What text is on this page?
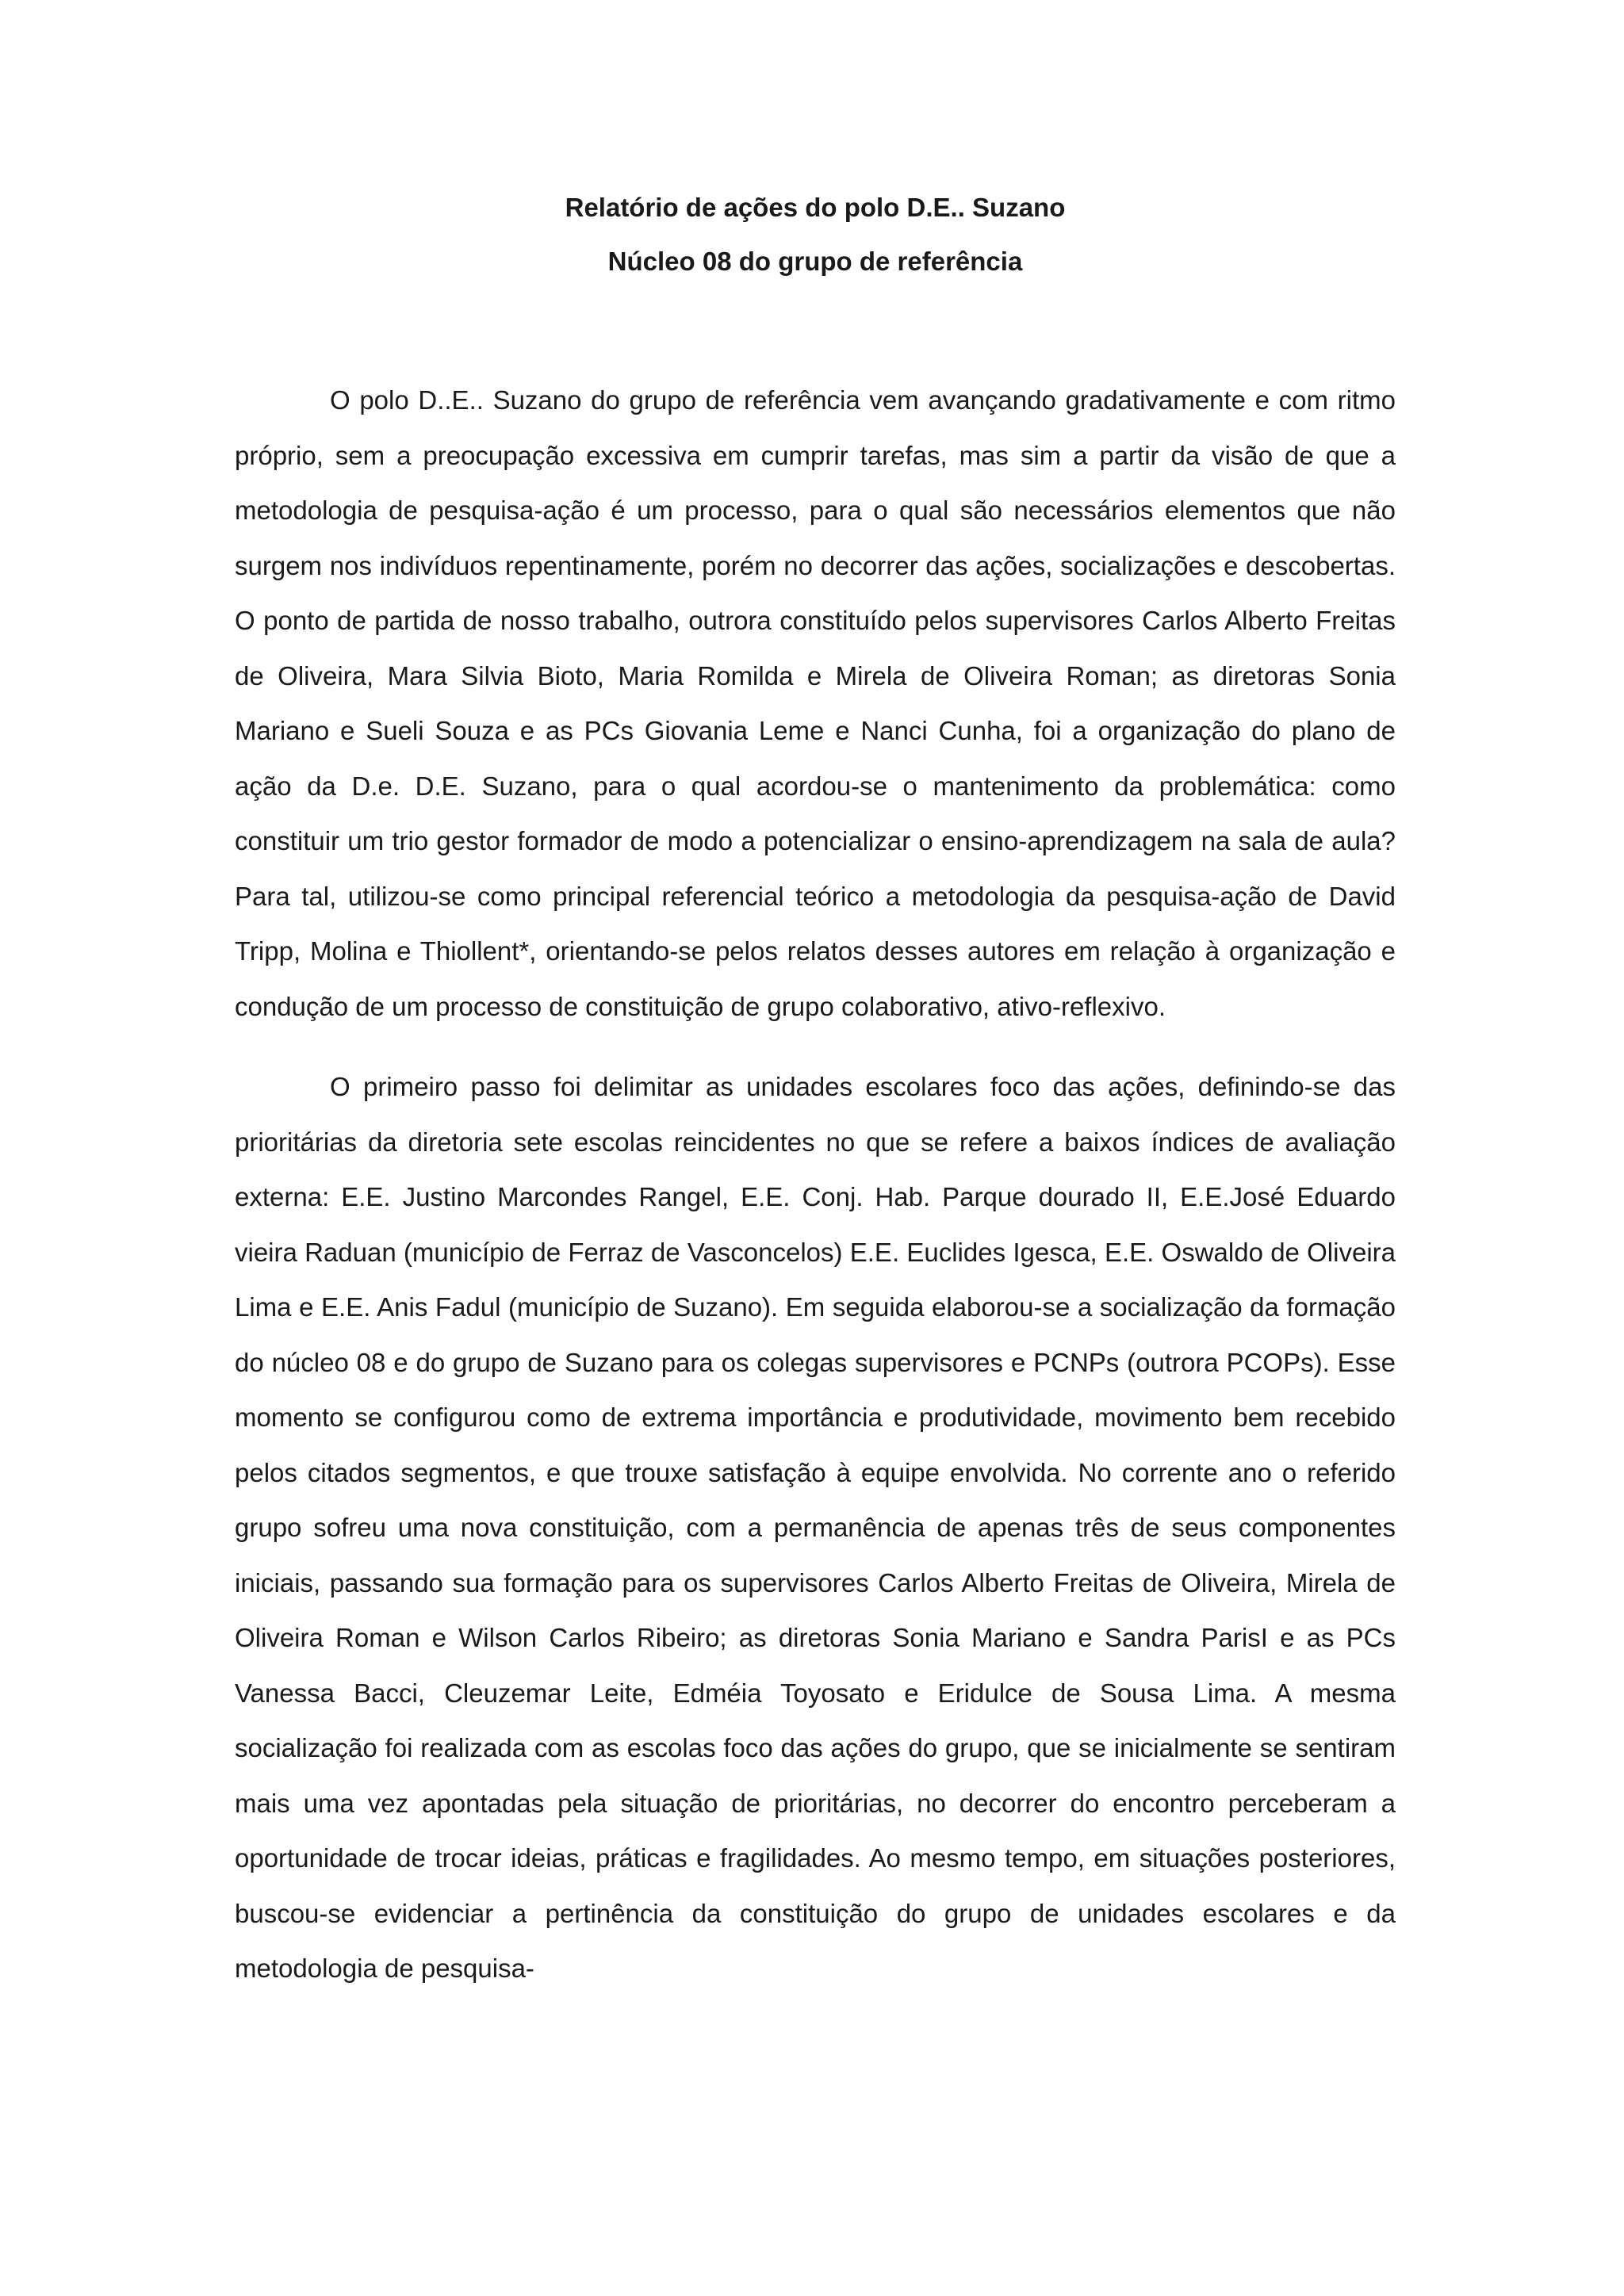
Relatório de ações do polo D.E.. Suzano

Núcleo 08 do grupo de referência

O polo D..E.. Suzano do grupo de referência vem avançando gradativamente e com ritmo próprio, sem a preocupação excessiva em cumprir tarefas, mas sim a partir da visão de que a metodologia de pesquisa-ação é um processo, para o qual são necessários elementos que não surgem nos indivíduos repentinamente, porém no decorrer das ações, socializações e descobertas. O ponto de partida de nosso trabalho, outrora constituído pelos supervisores Carlos Alberto Freitas de Oliveira, Mara Silvia Bioto, Maria Romilda e Mirela de Oliveira Roman; as diretoras Sonia Mariano e Sueli Souza e as PCs Giovania Leme e Nanci Cunha, foi a organização do plano de ação da D.e. D.E. Suzano, para o qual acordou-se o mantenimento da problemática: como constituir um trio gestor formador de modo a potencializar o ensino-aprendizagem na sala de aula? Para tal, utilizou-se como principal referencial teórico a metodologia da pesquisa-ação de David Tripp, Molina e Thiollent*, orientando-se pelos relatos desses autores em relação à organização e condução de um processo de constituição de grupo colaborativo, ativo-reflexivo.

O primeiro passo foi delimitar as unidades escolares foco das ações, definindo-se das prioritárias da diretoria sete escolas reincidentes no que se refere a baixos índices de avaliação externa: E.E. Justino Marcondes Rangel, E.E. Conj. Hab. Parque dourado II, E.E.José Eduardo vieira Raduan (município de Ferraz de Vasconcelos) E.E. Euclides Igesca, E.E. Oswaldo de Oliveira Lima e E.E. Anis Fadul (município de Suzano). Em seguida elaborou-se a socialização da formação do núcleo 08 e do grupo de Suzano para os colegas supervisores e PCNPs (outrora PCOPs). Esse momento se configurou como de extrema importância e produtividade, movimento bem recebido pelos citados segmentos, e que trouxe satisfação à equipe envolvida. No corrente ano o referido grupo sofreu uma nova constituição, com a permanência de apenas três de seus componentes iniciais, passando sua formação para os supervisores Carlos Alberto Freitas de Oliveira, Mirela de Oliveira Roman e Wilson Carlos Ribeiro; as diretoras Sonia Mariano e Sandra ParisI e as PCs Vanessa Bacci, Cleuzemar Leite, Edméia Toyosato e Eridulce de Sousa Lima. A mesma socialização foi realizada com as escolas foco das ações do grupo, que se inicialmente se sentiram mais uma vez apontadas pela situação de prioritárias, no decorrer do encontro perceberam a oportunidade de trocar ideias, práticas e fragilidades. Ao mesmo tempo, em situações posteriores, buscou-se evidenciar a pertinência da constituição do grupo de unidades escolares e da metodologia de pesquisa-
